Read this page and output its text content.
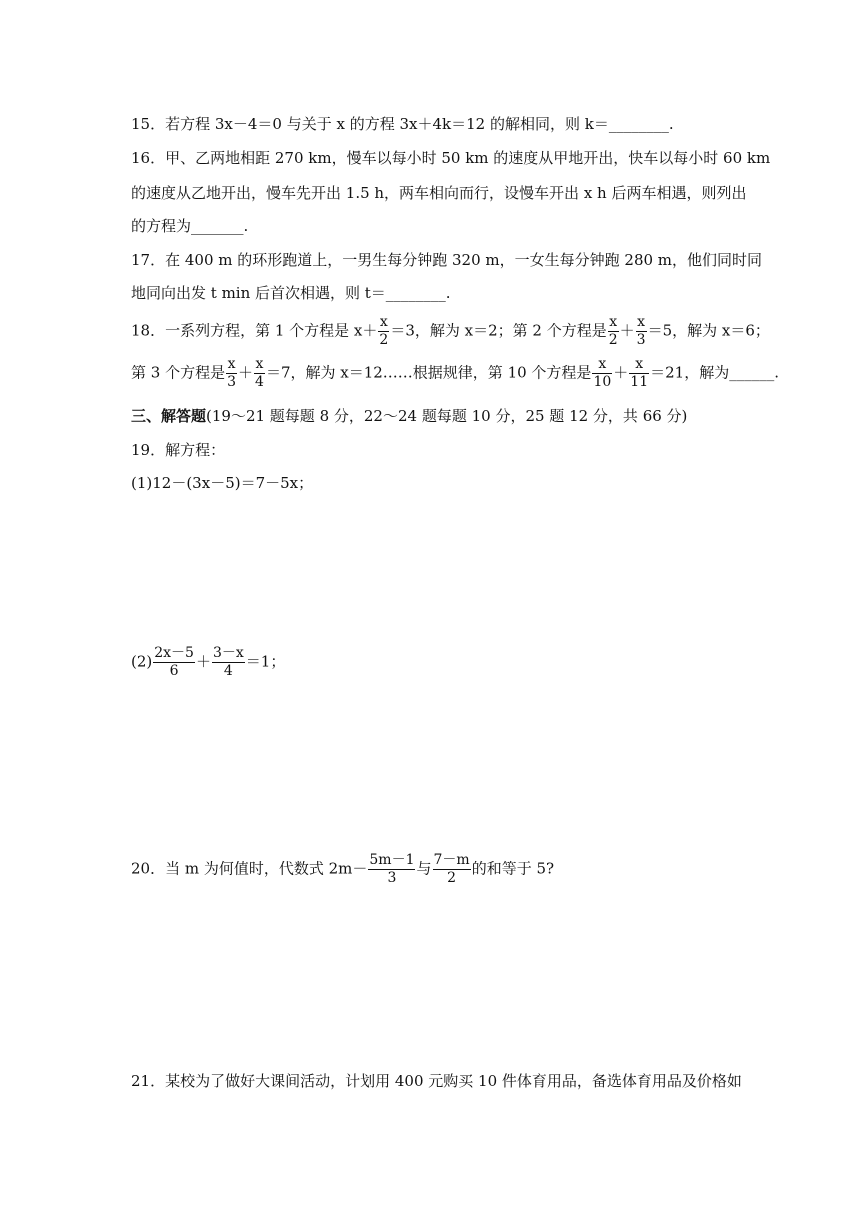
15．若方程 3x－4＝0 与关于 x 的方程 3x＋4k＝12 的解相同，则 k＝________.
16．甲、乙两地相距 270 km，慢车以每小时 50 km 的速度从甲地开出，快车以每小时 60 km
的速度从乙地开出，慢车先开出 1.5 h，两车相向而行，设慢车开出 x h 后两车相遇，则列出
的方程为_______.
17．在 400 m 的环形跑道上，一男生每分钟跑 320 m，一女生每分钟跑 280 m，他们同时同
地同向出发 t min 后首次相遇，则 t＝________.
18．一系列方程，第 1 个方程是 $x+ \frac{x}{2} =3$，解为 x＝2；第 2 个方程是 $\frac{x}{2} + \frac{x}{3} =5$，解为 x＝6；
第 3 个方程是 $\frac{x}{3} + \frac{x}{4} =7$，解为 x＝12……根据规律，第 10 个方程是 $\frac{x}{10} + \frac{x}{11} =21$，解为______.
三、解答题(19～21 题每题 8 分，22～24 题每题 10 分，25 题 12 分，共 66 分)
19．解方程：
(1)12－(3x－5)＝7－5x；
$(2) \frac{2x-5}{6} + \frac{3-x}{4} =1$；
20．当 m 为何值时，代数式 $2m- \frac{5m-1}{3}$ 与 $\frac{7-m}{2}$ 的和等于 5?
21．某校为了做好大课间活动，计划用 400 元购买 10 件体育用品，备选体育用品及价格如
